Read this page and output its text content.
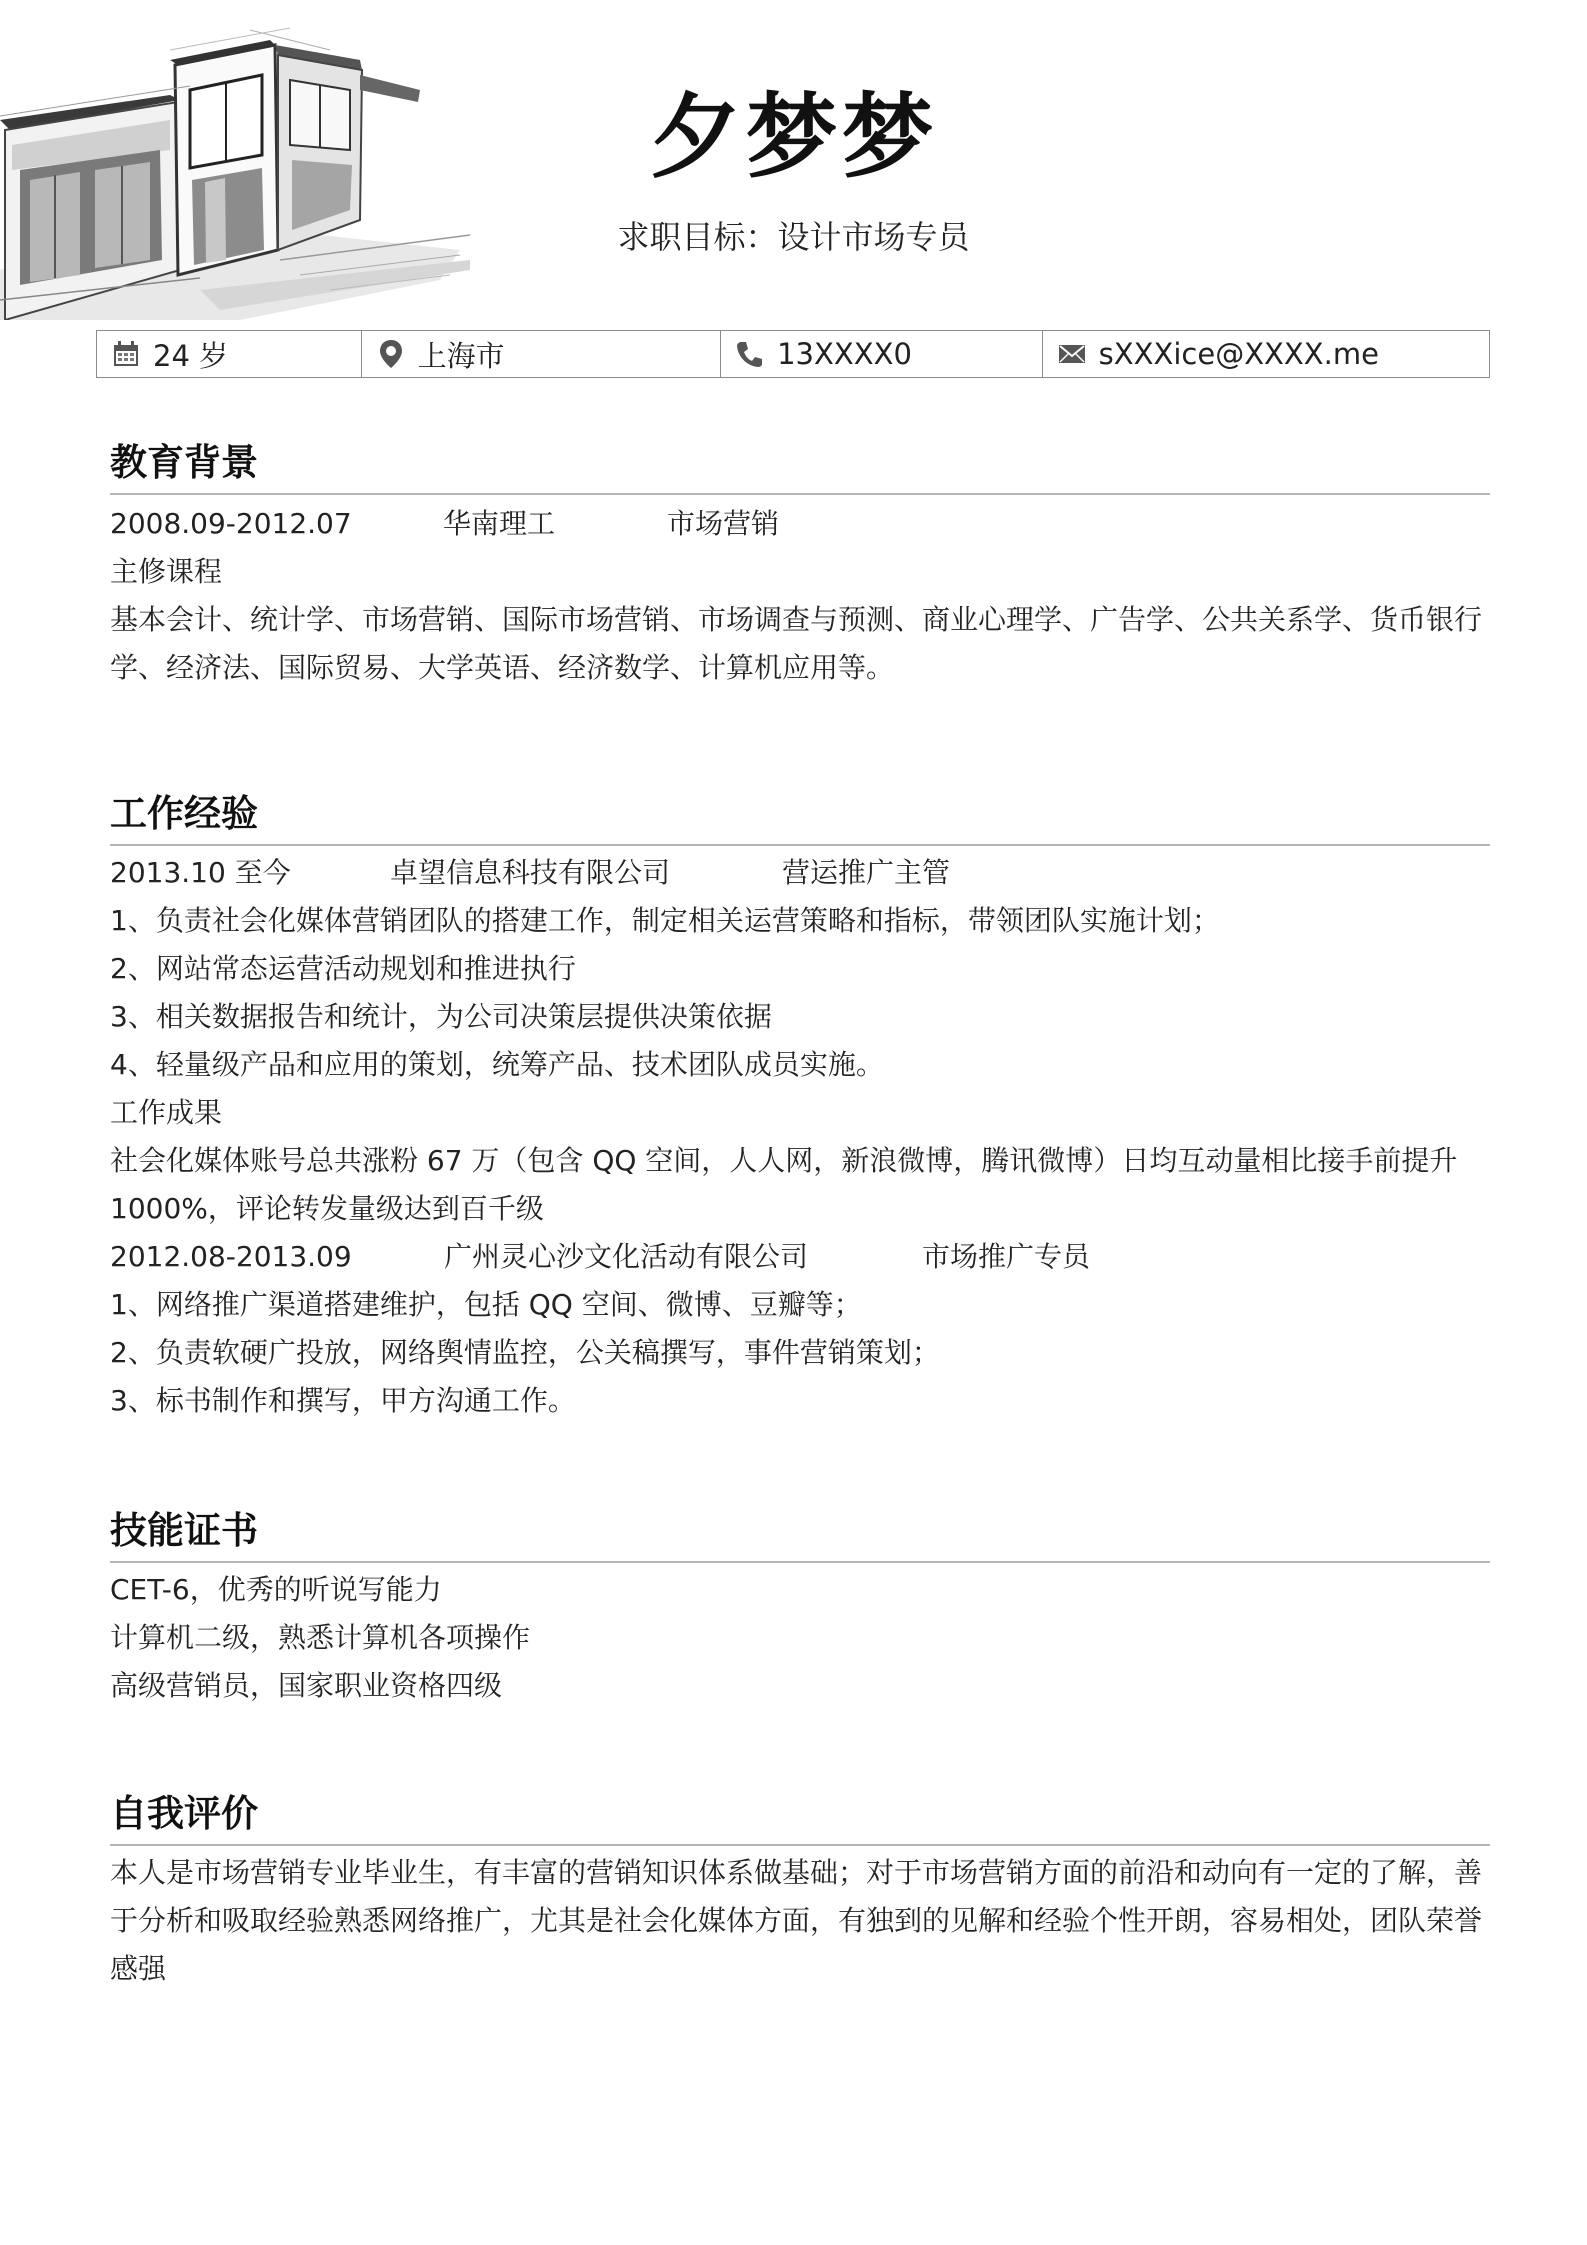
夕梦梦
求职目标：设计市场专员
24 岁	上海市	13XXXX0	sXXXice@XXXX.me
教育背景
2008.09-2012.07	华南理工	市场营销
主修课程
基本会计、统计学、市场营销、国际市场营销、市场调查与预测、商业心理学、广告学、公共关系学、货币银行
学、经济法、国际贸易、大学英语、经济数学、计算机应用等。
工作经验
2013.10 至今	卓望信息科技有限公司	营运推广主管
1、负责社会化媒体营销团队的搭建工作，制定相关运营策略和指标，带领团队实施计划；
2、网站常态运营活动规划和推进执行
3、相关数据报告和统计，为公司决策层提供决策依据
4、轻量级产品和应用的策划，统筹产品、技术团队成员实施。
工作成果
社会化媒体账号总共涨粉 67 万（包含 QQ 空间，人人网，新浪微博，腾讯微博）日均互动量相比接手前提升
1000%，评论转发量级达到百千级
2012.08-2013.09	广州灵心沙文化活动有限公司	市场推广专员
1、网络推广渠道搭建维护，包括 QQ 空间、微博、豆瓣等；
2、负责软硬广投放，网络舆情监控，公关稿撰写，事件营销策划；
3、标书制作和撰写，甲方沟通工作。
技能证书
CET-6，优秀的听说写能力
计算机二级，熟悉计算机各项操作
高级营销员，国家职业资格四级
自我评价
本人是市场营销专业毕业生，有丰富的营销知识体系做基础；对于市场营销方面的前沿和动向有一定的了解，善
于分析和吸取经验熟悉网络推广，尤其是社会化媒体方面，有独到的见解和经验个性开朗，容易相处，团队荣誉
感强
